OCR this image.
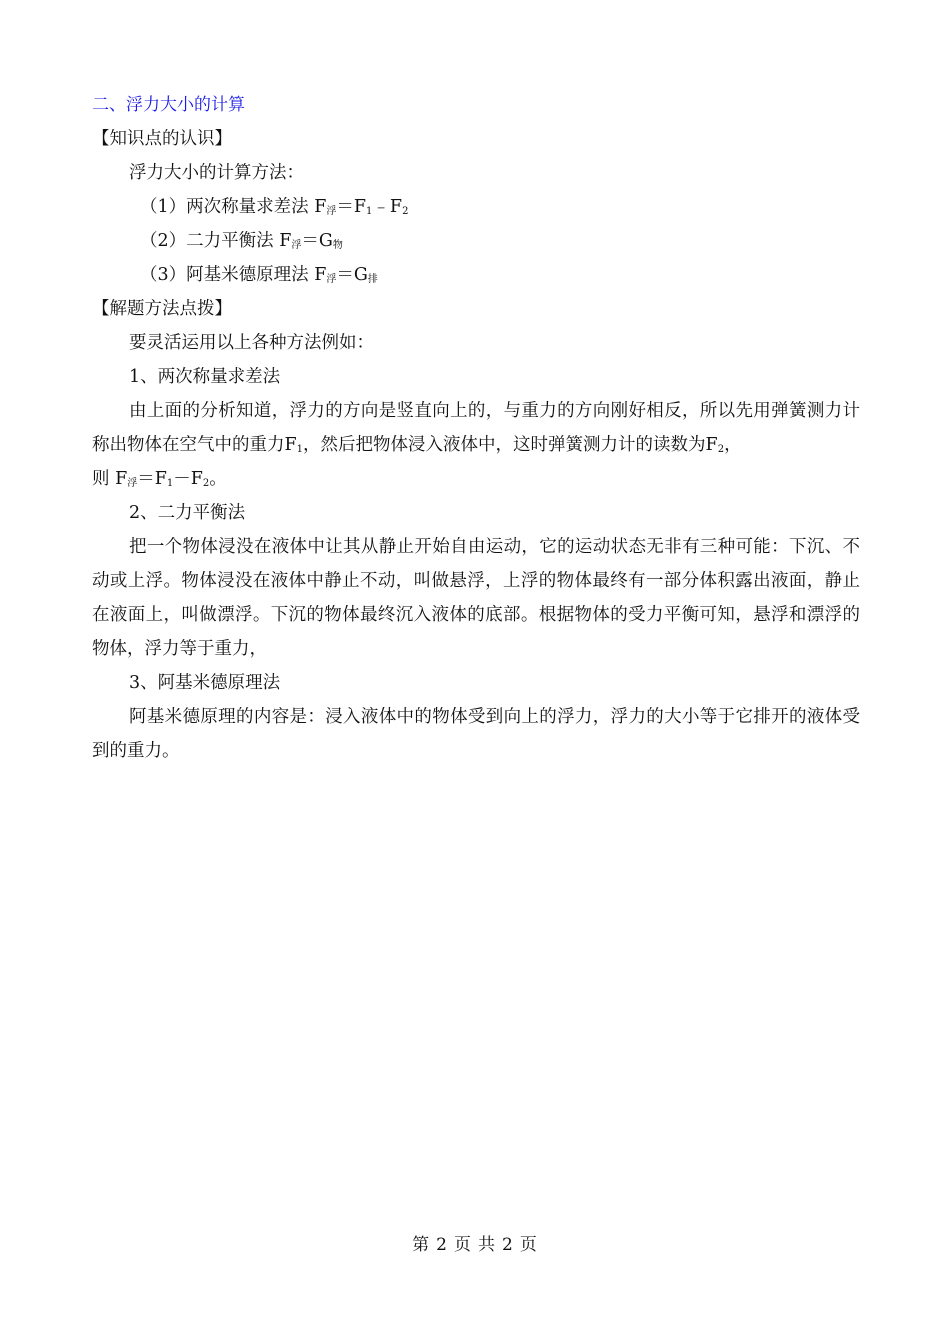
二、浮力大小的计算
【知识点的认识】
浮力大小的计算方法：
（1）两次称量求差法 F浮＝F1﹣F2
（2）二力平衡法 F浮＝G物
（3）阿基米德原理法 F浮＝G排
【解题方法点拨】
要灵活运用以上各种方法例如：
1、两次称量求差法

由上面的分析知道，浮力的方向是竖直向上的，与重力的方向刚好相反，所以先用弹簧测力计称出物体在空气中的重力F1，然后把物体浸入液体中，这时弹簧测力计的读数为F2，

则 F浮＝F1－F2。
2、二力平衡法

把一个物体浸没在液体中让其从静止开始自由运动，它的运动状态无非有三种可能：下沉、不动或上浮。物体浸没在液体中静止不动，叫做悬浮，上浮的物体最终有一部分体积露出液面，静止在液面上，叫做漂浮。下沉的物体最终沉入液体的底部。根据物体的受力平衡可知，悬浮和漂浮的物体，浮力等于重力，

3、阿基米德原理法

阿基米德原理的内容是：浸入液体中的物体受到向上的浮力，浮力的大小等于它排开的液体受到的重力。

第 2 页 共 2 页
